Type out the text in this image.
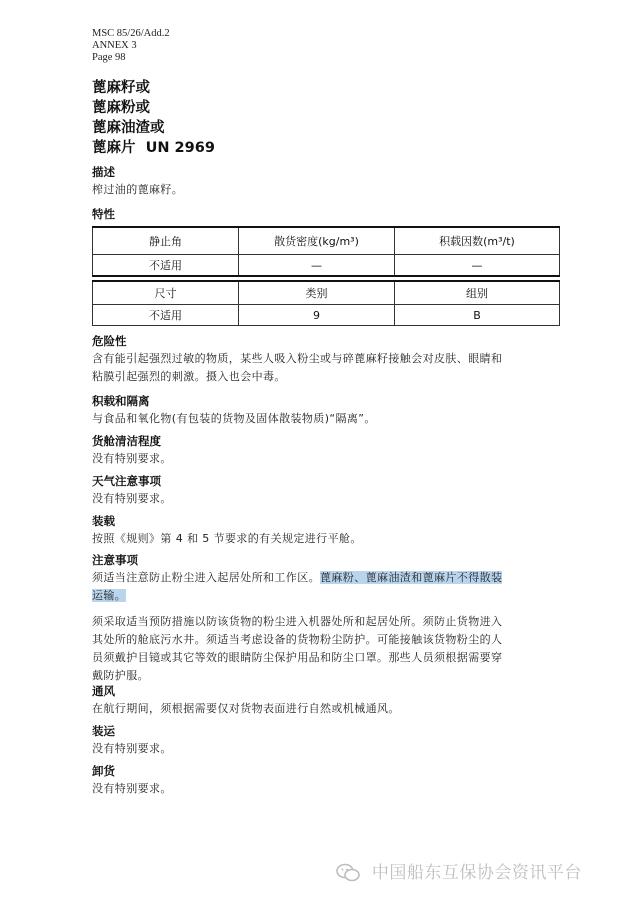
MSC 85/26/Add.2
ANNEX 3
Page 98
蓖麻籽或
蓖麻粉或
蓖麻油渣或
蓖麻片  UN 2969
描述
榨过油的蓖麻籽。
特性
静止角	散货密度(kg/m³)	积载因数(m³/t)
不适用	—	—
尺寸	类别	组别
不适用	9	B
危险性
含有能引起强烈过敏的物质，某些人吸入粉尘或与碎蓖麻籽接触会对皮肤、眼睛和
粘膜引起强烈的刺激。摄入也会中毒。
积载和隔离
与食品和氧化物(有包装的货物及固体散装物质)“隔离”。
货舱清洁程度
没有特别要求。
天气注意事项
没有特别要求。
装载
按照《规则》第 4 和 5 节要求的有关规定进行平舱。
注意事项
须适当注意防止粉尘进入起居处所和工作区。蓖麻粉、蓖麻油渣和蓖麻片不得散装
运输。
须采取适当预防措施以防该货物的粉尘进入机器处所和起居处所。须防止货物进入
其处所的舱底污水井。须适当考虑设备的货物粉尘防护。可能接触该货物粉尘的人
员须戴护目镜或其它等效的眼睛防尘保护用品和防尘口罩。那些人员须根据需要穿
戴防护服。
通风
在航行期间，须根据需要仅对货物表面进行自然或机械通风。
装运
没有特别要求。
卸货
没有特别要求。
中国船东互保协会资讯平台
